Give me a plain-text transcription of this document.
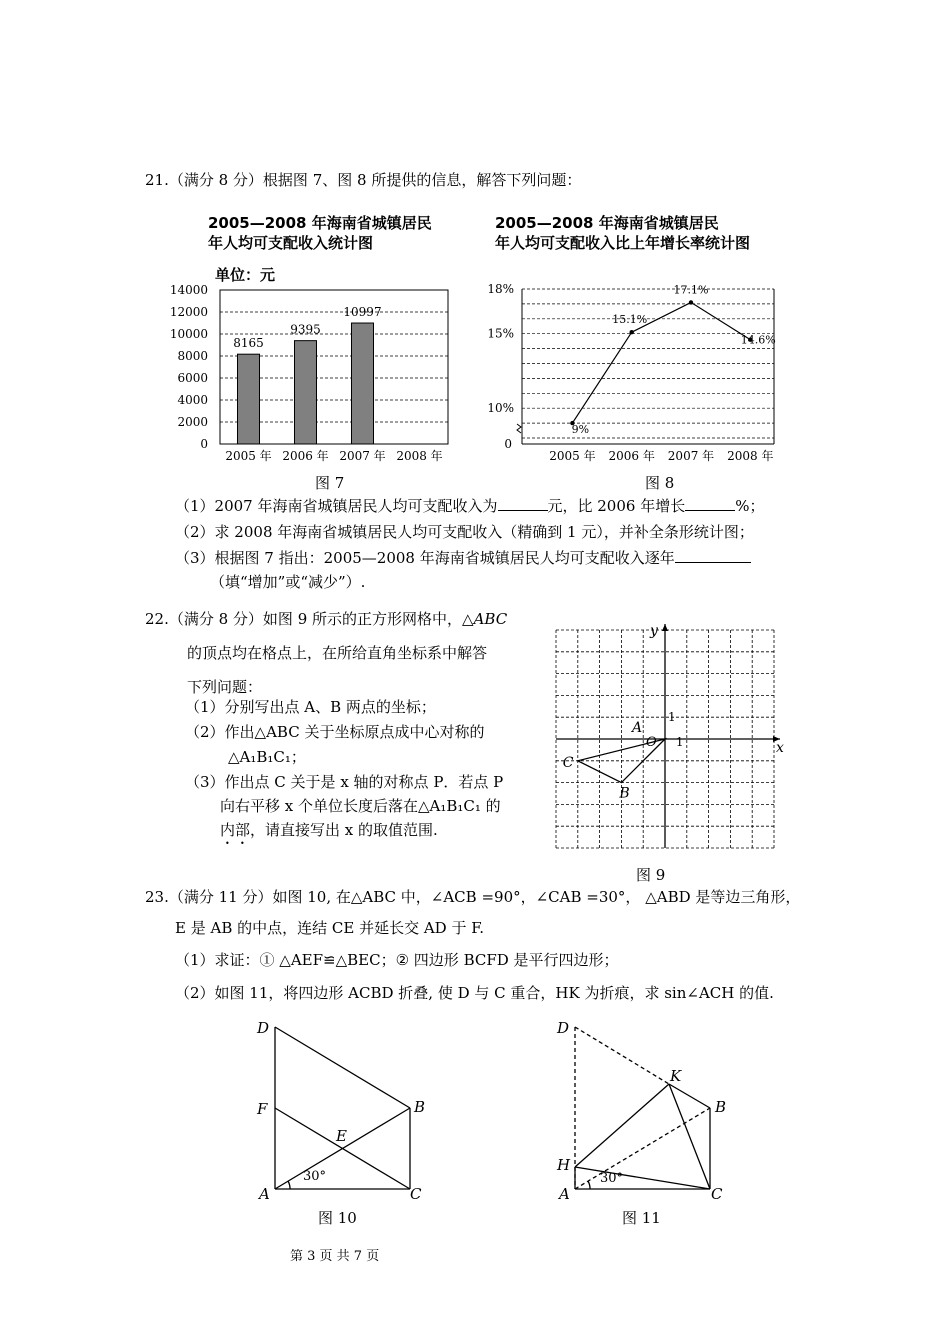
21.（满分 8 分）根据图 7、图 8 所提供的信息，解答下列问题：
2005—2008 年海南省城镇居民
年人均可支配收入统计图
单位：元
2005—2008 年海南省城镇居民
年人均可支配收入比上年增长率统计图
0
2000
4000
6000
8000
10000
12000
14000
2005 年
8165
2006 年
9395
2007 年
10997
2008 年
18%
15%
10%
0
2005 年 2006 年 2007 年 2008 年
9%
15.1%
17.1%
14.6%
图 7	图 8
（1）2007 年海南省城镇居民人均可支配收入为	元，比 2006 年增长	%；
（2）求 2008 年海南省城镇居民人均可支配收入（精确到 1 元），并补全条形统计图；
（3）根据图 7 指出：2005—2008 年海南省城镇居民人均可支配收入逐年
（填“增加”或“减少”）.
22.（满分 8 分）如图 9 所示的正方形网格中，△ABC
的顶点均在格点上，在所给直角坐标系中解答
下列问题：
（1）分别写出点 A、B 两点的坐标；
（2）作出△ABC 关于坐标原点成中心对称的
△A₁B₁C₁；
（3）作出点 C 关于是 x 轴的对称点 P．若点 P
向右平移 x 个单位长度后落在△A₁B₁C₁ 的
内部，请直接写出 x 的取值范围.
x
y
O 1
1
A
B
C
图 9
23.（满分 11 分）如图 10, 在△ABC 中，∠ACB =90°，∠CAB =30°， △ABD 是等边三角形，
E 是 AB 的中点，连结 CE 并延长交 AD 于 F.
（1）求证：① △AEF≌△BEC；② 四边形 BCFD 是平行四边形；
（2）如图 11，将四边形 ACBD 折叠, 使 D 与 C 重合，HK 为折痕，求 sin∠ACH 的值.
D
F
E
B
A	C
30°
图 10
D
K
B
H
A	C
30°
图 11
第 3 页 共 7 页
